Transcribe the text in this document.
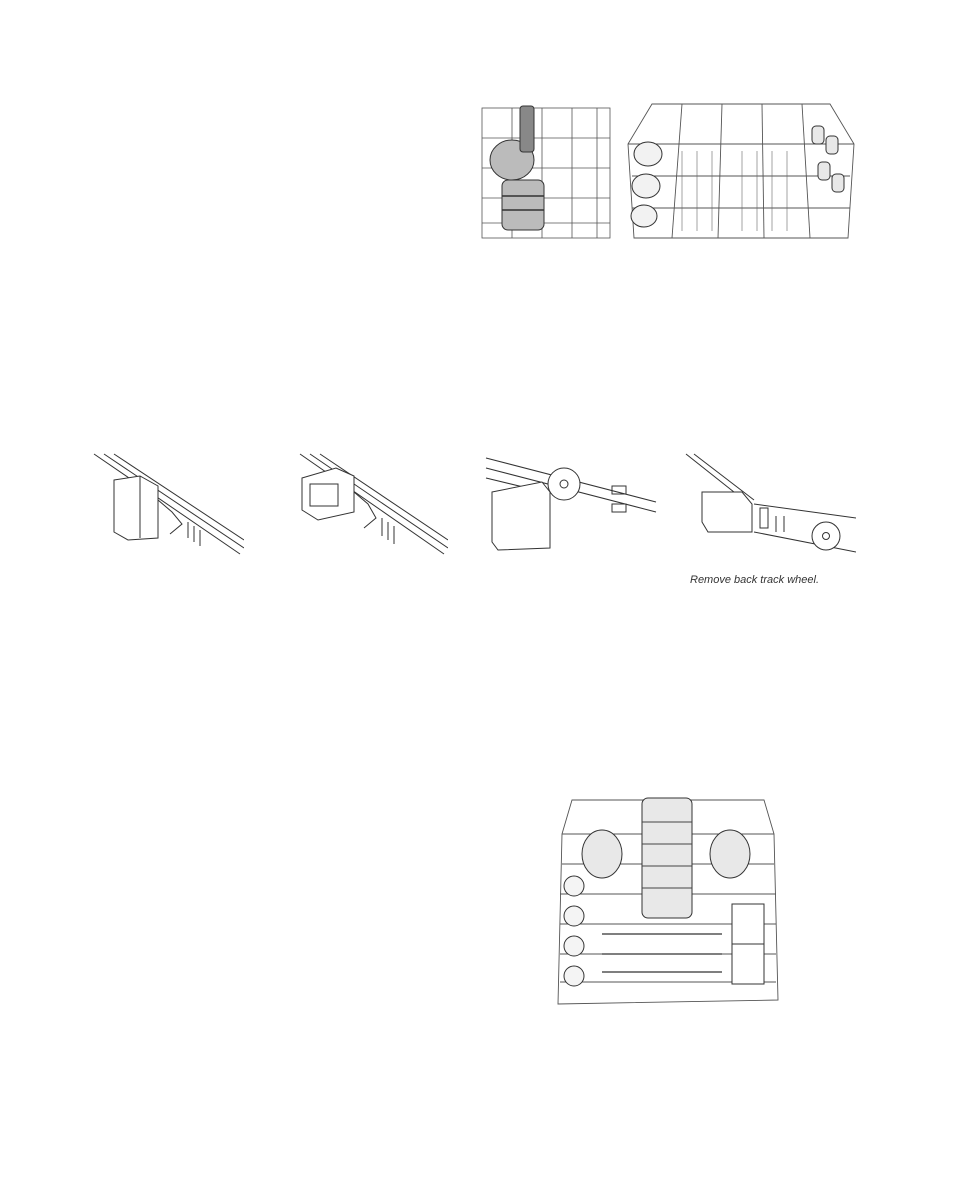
Remove back track wheel.
